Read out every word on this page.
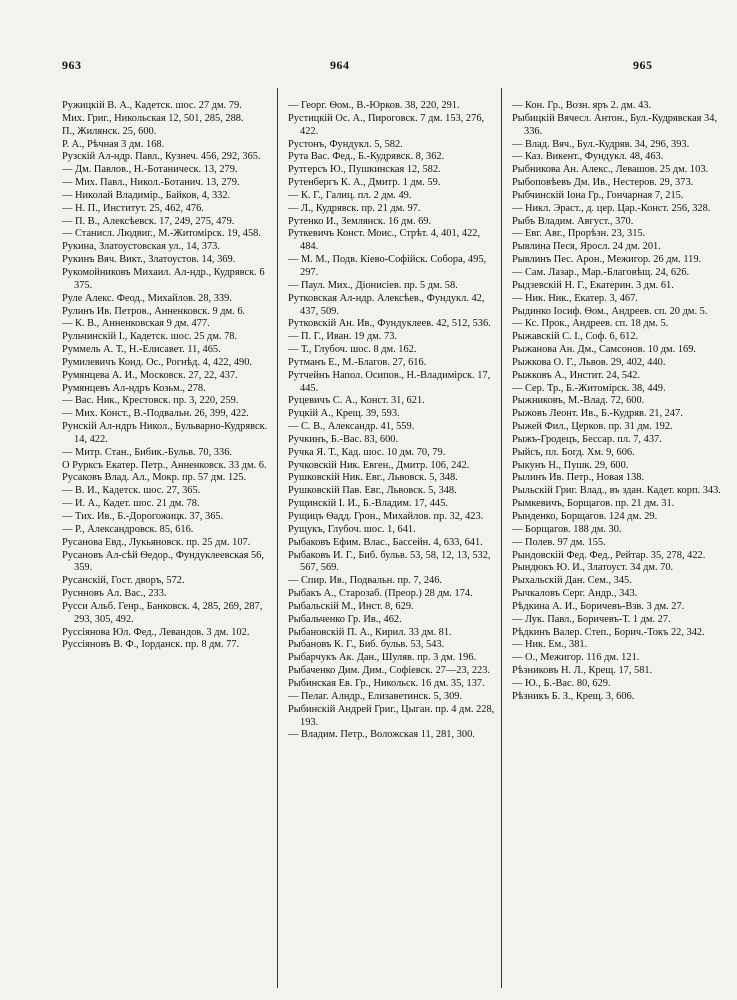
963	964	965

Ружицкій В. А., Кадетск. шос. 27 дм. 79.

Мих. Григ., Никольская 12, 501, 285, 288.

П., Жилянск. 25, 600.

Р. А., Рѣчная 3 дм. 168.

Рузскій Ал-ндр. Павл., Кузнеч. 456, 292, 365.

— Дм. Павлов., Н.-Ботаническ. 13, 279.

— Мих. Павл., Никол.-Ботанич. 13, 279.

— Николай Владимір., Байков, 4, 332.

— Н. П., Институт. 25, 462, 476.

— П. В., Алексѣевск. 17, 249, 275, 479.

— Станисл. Людвиг., М.-Житомірск. 19, 458.

Рукина, Златоустовская ул., 14, 373.

Рукинъ Вяч. Викт., Златоустов. 14, 369.

Рукомойниковъ Михаил. Ал-ндр., Кудрявск. 6 375.

Руле Алекс. Феод., Михайлов. 28, 339.

Рулинъ Ив. Петров., Анненковск. 9 дм. 6.

— К. В., Анненковская 9 дм. 477.

Рульчинскій I., Кадетск. шос. 25 дм. 78.

Руммель А. Т., Н.-Елисавет. 11, 465.

Румилевичъ Конд. Ос., Рогнѣд. 4, 422, 490.

Румянцева А. И., Московск. 27, 22, 437.

Румянцевъ Ал-ндръ Козьм., 278.

— Вас. Ник., Крестовск. пр. 3, 220, 259.

— Мих. Конст., В.-Подвальн. 26, 399, 422.

Рунскій Ал-ндръ Никол., Бульварно-Кудрявск. 14, 422.

— Митр. Стан., Бибик.-Бульв. 70, 336.

О Рурксъ Екатер. Петр., Анненковск. 33 дм. 6.

Русаковъ Влад. Ал., Мокр. пр. 57 дм. 125.

— В. И., Кадетск. шос. 27, 365.

— И. А., Кадет. шос. 21 дм. 78.

— Тих. Ив., Б.-Дорогожицк. 37, 365.

— Р., Александровск. 85, 616.

Русанова Евд., Лукьяновск. пр. 25 дм. 107.

Русановъ Ал-сѣй Ѳедор., Фундуклеевская 56, 359.

Русанскій, Гост. дворъ, 572.

Руснновъ Ал. Вас., 233.

Русси Альб. Генр., Банковск. 4, 285, 269, 287, 293, 305, 492.

Руссіянова Юл. Фед., Левандов. 3 дм. 102.

Руссіяновъ В. Ф., Iорданск. пр. 8 дм. 77.

— Георг. Ѳом., В.-Юрков. 38, 220, 291.

Рустицкій Ос. А., Пироговск. 7 дм. 153, 276, 422.

Рустонъ, Фундукл. 5, 582.

Рута Вас. Фед., Б.-Кудрявск. 8, 362.

Рутгерсъ Ю., Пушкинская 12, 582.

Рутенбергъ К. А., Дмитр. 1 дм. 59.

— К. Г., Галиц. пл. 2 дм. 49.

— Л., Кудрявск. пр. 21 дм. 97.

Рутенко И., Землянск. 16 дм. 69.

Руткевичъ Конст. Моис., Стрѣт. 4, 401, 422, 484.

— М. М., Подв. Кіево-Софійск. Собора, 495, 297.

— Паул. Мих., Діонисіев. пр. 5 дм. 58.

Рутковская Ал-ндр. Алексѣев., Фундукл. 42, 437, 509.

Рутковскій Ан. Ив., Фундуклеев. 42, 512, 536.

— П. Г., Иван. 19 дм. 73.

— Т., Глубоч. шос. 8 дм. 162.

Рутманъ Е., М.-Благов. 27, 616.

Рутчейнъ Напол. Осипов., Н.-Владимірск. 17, 445.

Руцевичъ С. А., Конст. 31, 621.

Руцкій А., Крещ. 39, 593.

— С. В., Александр. 41, 559.

Ручкинъ, Б.-Вас. 83, 600.

Ручка Я. Т., Кад. шос. 10 дм. 70, 79.

Ручковскій Ник. Евген., Дмитр. 106, 242.

Рушковскій Ник. Евг., Львовск. 5, 348.

Рушковскій Пав. Евг., Львовск. 5, 348.

Рущинскій I. И., Б.-Владим. 17, 445.

Рущицъ Ѳадд. Грон., Михайлов. пр. 32, 423.

Рущукъ, Глубоч. шос. 1, 641.

Рыбаковъ Ефим. Влас., Бассейн. 4, 633, 641.

Рыбаковъ И. Г., Биб. бульв. 53, 58, 12, 13, 532, 567, 569.

— Спир. Ив., Подвальн. пр. 7, 246.

Рыбакъ А., Старозаб. (Преор.) 28 дм. 174.

Рыбальскій М., Инст. 8, 629.

Рыбальченко Гр. Ив., 462.

Рыбановскій П. А., Кирил. 33 дм. 81.

Рыбановъ К. Г., Биб. бульв. 53, 543.

Рыбарчукъ Ак. Дан., Шуляв. пр. 3 дм. 196.

Рыбаченко Дим. Дим., Софіевск. 27—23, 223.

Рыбинская Ев. Гр., Никольск. 16 дм. 35, 137.

— Пелаг. Алндр., Елизаветинск. 5, 309.

Рыбинскій Андрей Григ., Цыган. пр. 4 дм. 228, 193.

— Владим. Петр., Воложская 11, 281, 300.

— Кон. Гр., Возн. яръ 2. дм. 43.

Рыбицкій Вячесл. Антон., Бул.-Кудрявская 34, 336.

— Влад. Вяч., Бул.-Кудряв. 34, 296, 393.

— Каз. Викент., Фундукл. 48, 463.

Рыбникова Ан. Алекс., Левашов. 25 дм. 103.

Рыбоповѣевъ Дм. Ив., Нестеров. 29, 373.

Рыбчинскій Iона Гр., Гончарная 7, 215.

— Никл. Эраст., д. цер. Цар.-Конст. 256, 328.

Рыбъ Владим. Август., 370.

— Евг. Авг., Прорѣзн. 23, 315.

Рывлина Песя, Яросл. 24 дм. 201.

Рывлинъ Пес. Арон., Межигор. 26 дм. 119.

— Сам. Лазар., Мар.-Благовѣщ. 24, 626.

Рыдзевскій Н. Г., Екатерин. 3 дм. 61.

— Ник. Ник., Екатер. 3, 467.

Рыдинко Iосиф. Ѳом., Андреев. сп. 20 дм. 5.

— Кс. Прок., Андреев. сп. 18 дм. 5.

Рыжавскій С. I., Соф. 6, 612.

Рыжанова Ан. Дм., Самсонов. 10 дм. 169.

Рыжкова О. Г., Львов. 29, 402, 440.

Рыжковъ А., Инстит. 24, 542.

— Сер. Тр., Б.-Житомірск. 38, 449.

Рыжниковъ, М.-Влад. 72, 600.

Рыжовъ Леонт. Ив., Б.-Кудряв. 21, 247.

Рыжей Фил., Церков. пр. 31 дм. 192.

Рыжъ-Гродецъ, Бессар. пл. 7, 437.

Рыйсъ, пл. Богд. Хм. 9, 606.

Рыкунъ Н., Пушк. 29, 600.

Рылинъ Ив. Петр., Новая 138.

Рыльскій Григ. Влад., въ здан. Кадет. корп. 343.

Рымкевичъ, Борщагов. пр. 21 дм. 31.

Рынденко, Борщагов. 124 дм. 29.

— Борщагов. 188 дм. 30.

— Полев. 97 дм. 155.

Рындовскій Фед. Фед., Рейтар. 35, 278, 422.

Рындюкъ Ю. И., Златоуст. 34 дм. 70.

Рыхальскій Дан. Сем., 345.

Рычкаловъ Серг. Андр., 343.

Рѣдкина А. И., Боричевъ-Взв. 3 дм. 27.

— Лук. Павл., Боричевъ-Т. 1 дм. 27.

Рѣдкинъ Валер. Степ., Борич.-Токъ 22, 342.

— Ник. Ем., 381.

— О., Межигор. 116 дм. 121.

Рѣзниковъ Н. Л., Крещ. 17, 581.

— Ю., Б.-Вас. 80, 629.

Рѣзникъ Б. З., Крещ. 3, 606.
